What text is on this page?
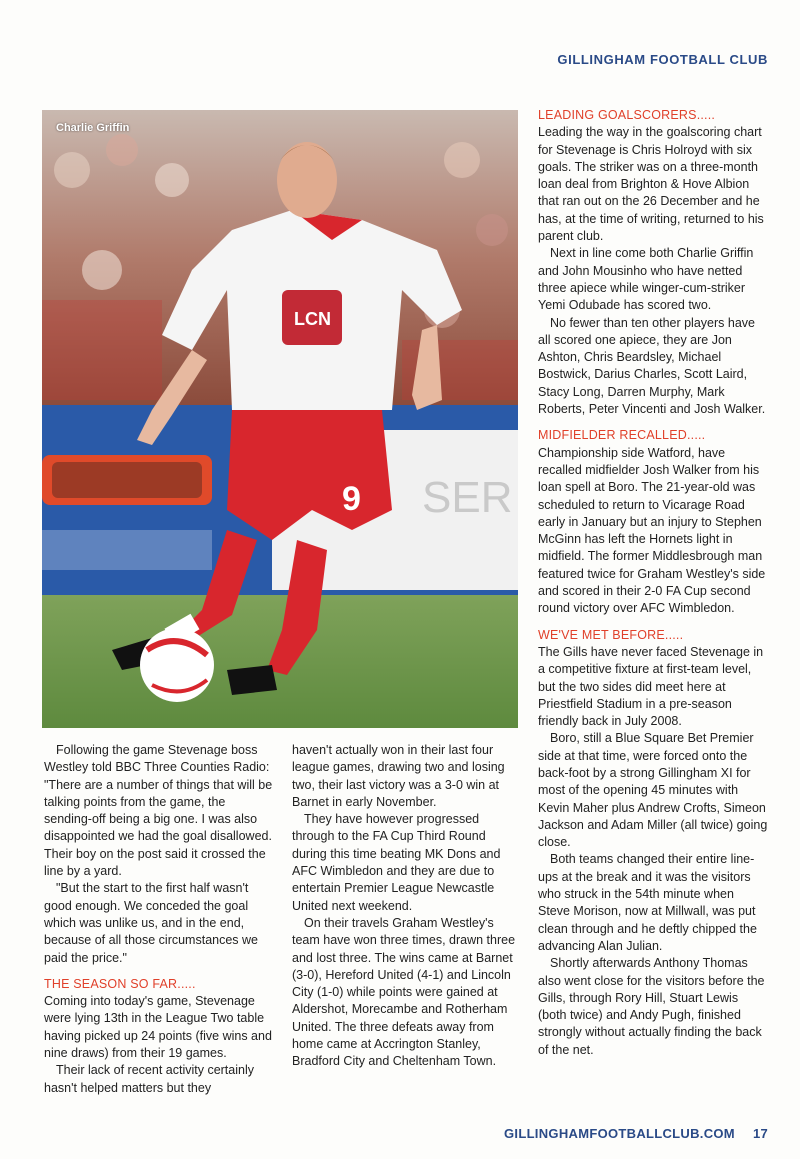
GILLINGHAM FOOTBALL CLUB
SER
9
LCN
Charlie Griffin

Following the game Stevenage boss Westley told BBC Three Counties Radio: "There are a number of things that will be talking points from the game, the sending-off being a big one. I was also disappointed we had the goal disallowed. Their boy on the post said it crossed the line by a yard.

"But the start to the first half wasn't good enough. We conceded the goal which was unlike us, and in the end, because of all those circumstances we paid the price."

THE SEASON SO FAR.....

Coming into today's game, Stevenage were lying 13th in the League Two table having picked up 24 points (five wins and nine draws) from their 19 games.

Their lack of recent activity certainly hasn't helped matters but they

haven't actually won in their last four league games, drawing two and losing two, their last victory was a 3-0 win at Barnet in early November.

They have however progressed through to the FA Cup Third Round during this time beating MK Dons and AFC Wimbledon and they are due to entertain Premier League Newcastle United next weekend.

On their travels Graham Westley's team have won three times, drawn three and lost three. The wins came at Barnet (3-0), Hereford United (4-1) and Lincoln City (1-0) while points were gained at Aldershot, Morecambe and Rotherham United. The three defeats away from home came at Accrington Stanley, Bradford City and Cheltenham Town.

LEADING GOALSCORERS.....

Leading the way in the goalscoring chart for Stevenage is Chris Holroyd with six goals. The striker was on a three-month loan deal from Brighton & Hove Albion that ran out on the 26 December and he has, at the time of writing, returned to his parent club.

Next in line come both Charlie Griffin and John Mousinho who have netted three apiece while winger-cum-striker Yemi Odubade has scored two.

No fewer than ten other players have all scored one apiece, they are Jon Ashton, Chris Beardsley, Michael Bostwick, Darius Charles, Scott Laird, Stacy Long, Darren Murphy, Mark Roberts, Peter Vincenti and Josh Walker.

MIDFIELDER RECALLED.....

Championship side Watford, have recalled midfielder Josh Walker from his loan spell at Boro. The 21-year-old was scheduled to return to Vicarage Road early in January but an injury to Stephen McGinn has left the Hornets light in midfield. The former Middlesbrough man featured twice for Graham Westley's side and scored in their 2-0 FA Cup second round victory over AFC Wimbledon.

WE'VE MET BEFORE.....

The Gills have never faced Stevenage in a competitive fixture at first-team level, but the two sides did meet here at Priestfield Stadium in a pre-season friendly back in July 2008.

Boro, still a Blue Square Bet Premier side at that time, were forced onto the back-foot by a strong Gillingham XI for most of the opening 45 minutes with Kevin Maher plus Andrew Crofts, Simeon Jackson and Adam Miller (all twice) going close.

Both teams changed their entire line-ups at the break and it was the visitors who struck in the 54th minute when Steve Morison, now at Millwall, was put clean through and he deftly chipped the advancing Alan Julian.

Shortly afterwards Anthony Thomas also went close for the visitors before the Gills, through Rory Hill, Stuart Lewis (both twice) and Andy Pugh, finished strongly without actually finding the back of the net.

GILLINGHAMFOOTBALLCLUB.COM 17
